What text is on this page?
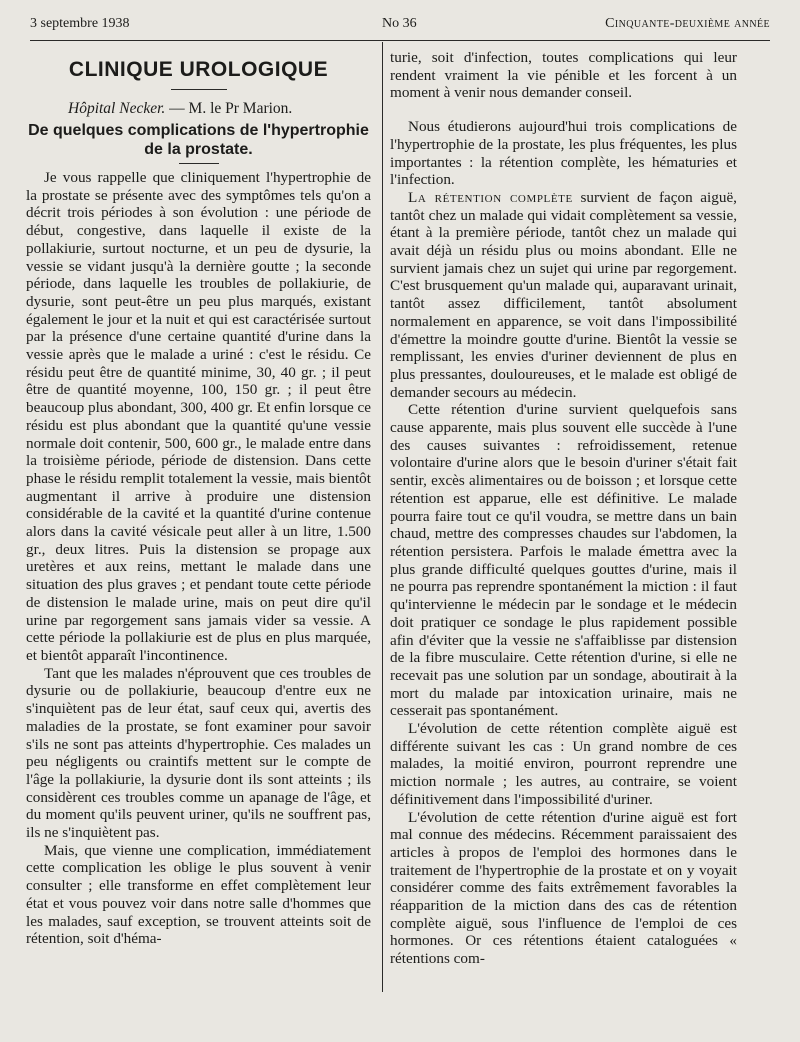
3 septembre 1938	No 36	Cinquante-deuxième année
CLINIQUE UROLOGIQUE
Hôpital Necker. — M. le Pr Marion.
De quelques complications de l'hypertrophie de la prostate.

Je vous rappelle que cliniquement l'hypertrophie de la prostate se présente avec des symptômes tels qu'on a décrit trois périodes à son évolution : une période de début, congestive, dans laquelle il existe de la pollakiurie, surtout nocturne, et un peu de dysurie, la vessie se vidant jusqu'à la dernière goutte ; la seconde période, dans laquelle les troubles de pollakiurie, de dysurie, sont peut-être un peu plus marqués, existant également le jour et la nuit et qui est caractérisée surtout par la présence d'une certaine quantité d'urine dans la vessie après que le malade a uriné : c'est le résidu. Ce résidu peut être de quantité minime, 30, 40 gr. ; il peut être de quantité moyenne, 100, 150 gr. ; il peut être beaucoup plus abondant, 300, 400 gr. Et enfin lorsque ce résidu est plus abondant que la quantité qu'une vessie normale doit contenir, 500, 600 gr., le malade entre dans la troisième période, période de distension. Dans cette phase le résidu remplit totalement la vessie, mais bientôt augmentant il arrive à produire une distension considérable de la cavité et la quantité d'urine contenue alors dans la cavité vésicale peut aller à un litre, 1.500 gr., deux litres. Puis la distension se propage aux uretères et aux reins, mettant le malade dans une situation des plus graves ; et pendant toute cette période de distension le malade urine, mais on peut dire qu'il urine par regorgement sans jamais vider sa vessie. A cette période la pollakiurie est de plus en plus marquée, et bientôt apparaît l'incontinence.

Tant que les malades n'éprouvent que ces troubles de dysurie ou de pollakiurie, beaucoup d'entre eux ne s'inquiètent pas de leur état, sauf ceux qui, avertis des maladies de la prostate, se font examiner pour savoir s'ils ne sont pas atteints d'hypertrophie. Ces malades un peu négligents ou craintifs mettent sur le compte de l'âge la pollakiurie, la dysurie dont ils sont atteints ; ils considèrent ces troubles comme un apanage de l'âge, et du moment qu'ils peuvent uriner, qu'ils ne souffrent pas, ils ne s'inquiètent pas.

Mais, que vienne une complication, immédiatement cette complication les oblige le plus souvent à venir consulter ; elle transforme en effet complètement leur état et vous pouvez voir dans notre salle d'hommes que les malades, sauf exception, se trouvent atteints soit de rétention, soit d'héma-

turie, soit d'infection, toutes complications qui leur rendent vraiment la vie pénible et les forcent à un moment à venir nous demander conseil.

Nous étudierons aujourd'hui trois complications de l'hypertrophie de la prostate, les plus fréquentes, les plus importantes : la rétention complète, les hématuries et l'infection.

La rétention complète survient de façon aiguë, tantôt chez un malade qui vidait complètement sa vessie, étant à la première période, tantôt chez un malade qui avait déjà un résidu plus ou moins abondant. Elle ne survient jamais chez un sujet qui urine par regorgement. C'est brusquement qu'un malade qui, auparavant urinait, tantôt assez difficilement, tantôt absolument normalement en apparence, se voit dans l'impossibilité d'émettre la moindre goutte d'urine. Bientôt la vessie se remplissant, les envies d'uriner deviennent de plus en plus pressantes, douloureuses, et le malade est obligé de demander secours au médecin.

Cette rétention d'urine survient quelquefois sans cause apparente, mais plus souvent elle succède à l'une des causes suivantes : refroidissement, retenue volontaire d'urine alors que le besoin d'uriner s'était fait sentir, excès alimentaires ou de boisson ; et lorsque cette rétention est apparue, elle est définitive. Le malade pourra faire tout ce qu'il voudra, se mettre dans un bain chaud, mettre des compresses chaudes sur l'abdomen, la rétention persistera. Parfois le malade émettra avec la plus grande difficulté quelques gouttes d'urine, mais il ne pourra pas reprendre spontanément la miction : il faut qu'intervienne le médecin par le sondage et le médecin doit pratiquer ce sondage le plus rapidement possible afin d'éviter que la vessie ne s'affaiblisse par distension de la fibre musculaire. Cette rétention d'urine, si elle ne recevait pas une solution par un sondage, aboutirait à la mort du malade par intoxication urinaire, mais ne cesserait pas spontanément.

L'évolution de cette rétention complète aiguë est différente suivant les cas : Un grand nombre de ces malades, la moitié environ, pourront reprendre une miction normale ; les autres, au contraire, se voient définitivement dans l'impossibilité d'uriner.

L'évolution de cette rétention d'urine aiguë est fort mal connue des médecins. Récemment paraissaient des articles à propos de l'emploi des hormones dans le traitement de l'hypertrophie de la prostate et on y voyait considérer comme des faits extrêmement favorables la réapparition de la miction dans des cas de rétention complète aiguë, sous l'influence de l'emploi de ces hormones. Or ces rétentions étaient cataloguées « rétentions com-
